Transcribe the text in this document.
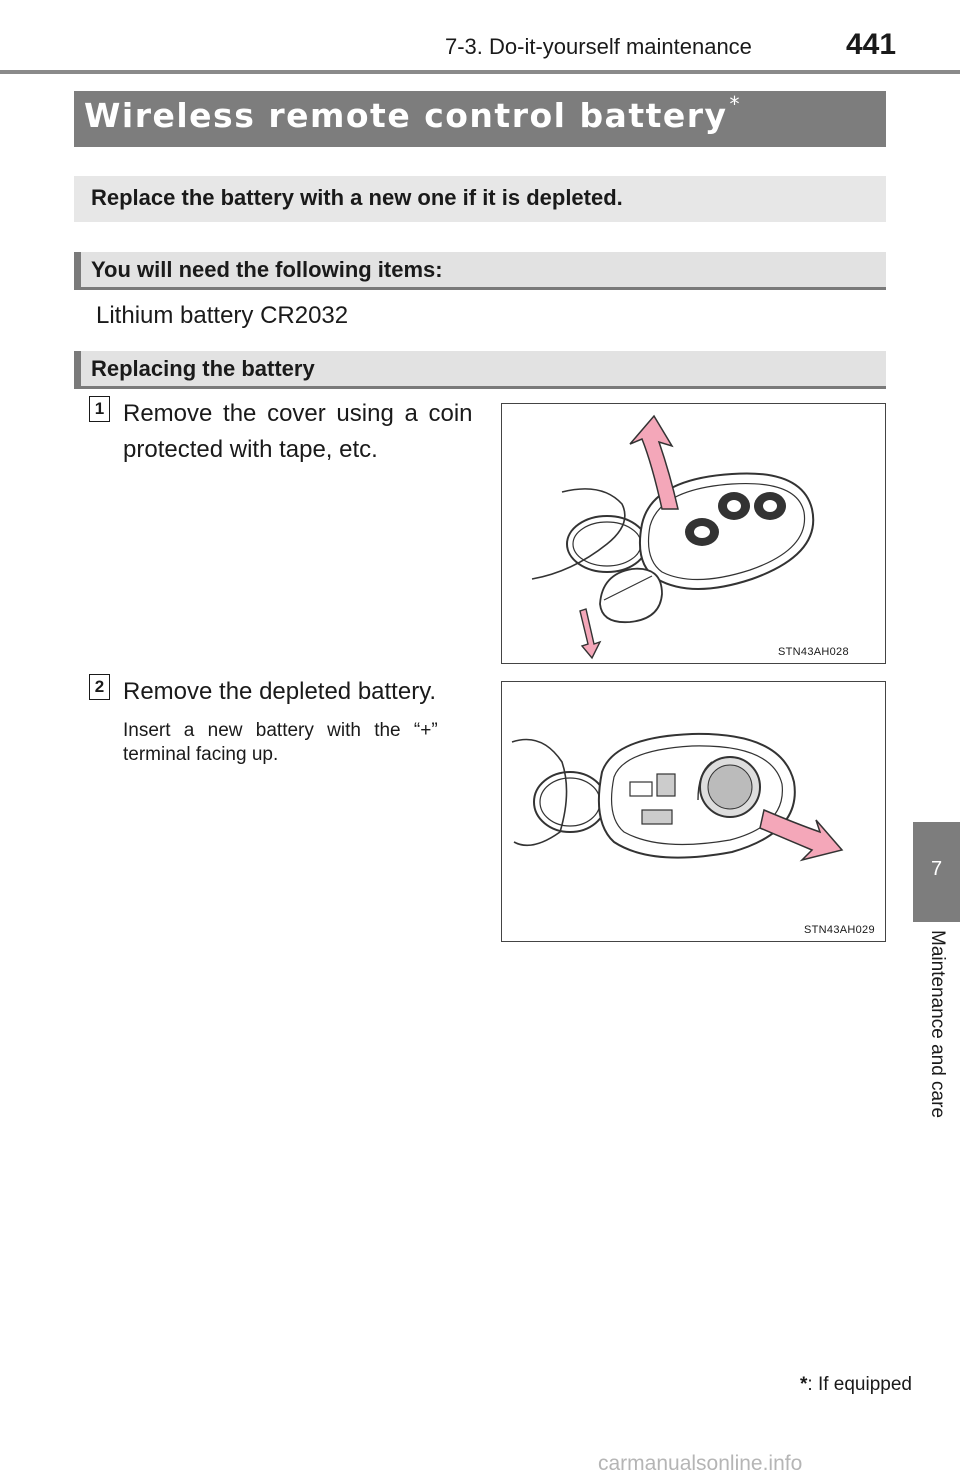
7-3. Do-it-yourself maintenance	441
Wireless remote control battery *
Replace the battery with a new one if it is depleted.
You will need the following items:
Lithium battery CR2032
Replacing the battery
1 Remove the cover using a coin
protected with tape, etc.
STN43AH028
2 Remove the depleted battery.
Insert a new battery with the “+”
terminal facing up.
STN43AH029
7
Maintenance and care
*: If equipped
carmanualsonline.info
